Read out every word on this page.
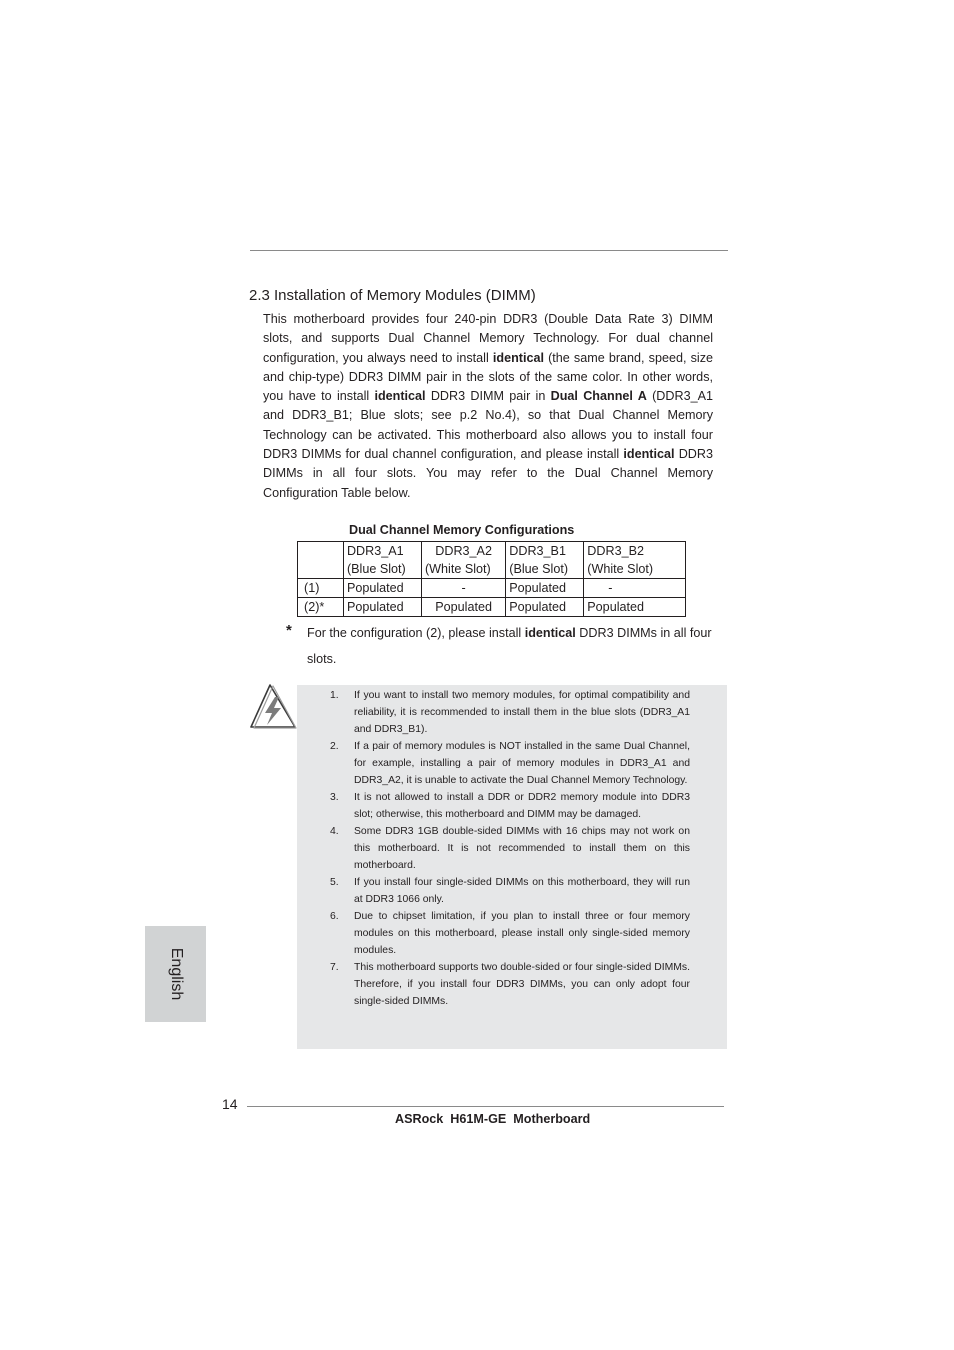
2.3 Installation of Memory Modules (DIMM)

This motherboard provides four 240-pin DDR3 (Double Data Rate 3) DIMM slots, and supports Dual Channel Memory Technology. For dual channel configuration, you always need to install identical (the same brand, speed, size and chip-type) DDR3 DIMM pair in the slots of the same color. In other words, you have to install identical DDR3 DIMM pair in Dual Channel A (DDR3_A1 and DDR3_B1; Blue slots; see p.2 No.4), so that Dual Channel Memory Technology can be activated. This motherboard also allows you to install four DDR3 DIMMs for dual channel configuration, and please install identical DDR3 DIMMs in all four slots. You may refer to the Dual Channel Memory Configuration Table below.

Dual Channel Memory Configurations
	DDR3_A1	DDR3_A2	DDR3_B1	DDR3_B2
	(Blue Slot)	(White Slot)	(Blue Slot)	(White Slot)
(1)	Populated	-	Populated	-
(2)*	Populated	Populated	Populated	Populated
* For the configuration (2), please install identical DDR3 DIMMs in all four slots.

1. If you want to install two memory modules, for optimal compatibility and reliability, it is recommended to install them in the blue slots (DDR3_A1 and DDR3_B1).
2. If a pair of memory modules is NOT installed in the same Dual Channel, for example, installing a pair of memory modules in DDR3_A1 and DDR3_A2, it is unable to activate the Dual Channel Memory Technology.
3. It is not allowed to install a DDR or DDR2 memory module into DDR3 slot; otherwise, this motherboard and DIMM may be damaged.
4. Some DDR3 1GB double-sided DIMMs with 16 chips may not work on this motherboard. It is not recommended to install them on this motherboard.
5. If you install four single-sided DIMMs on this motherboard, they will run at DDR3 1066 only.
6. Due to chipset limitation, if you plan to install three or four memory modules on this motherboard, please install only single-sided memory modules.
7. This motherboard supports two double-sided or four single-sided DIMMs. Therefore, if you install four DDR3 DIMMs, you can only adopt four single-sided DIMMs.
English
14
ASRock  H61M-GE  Motherboard
